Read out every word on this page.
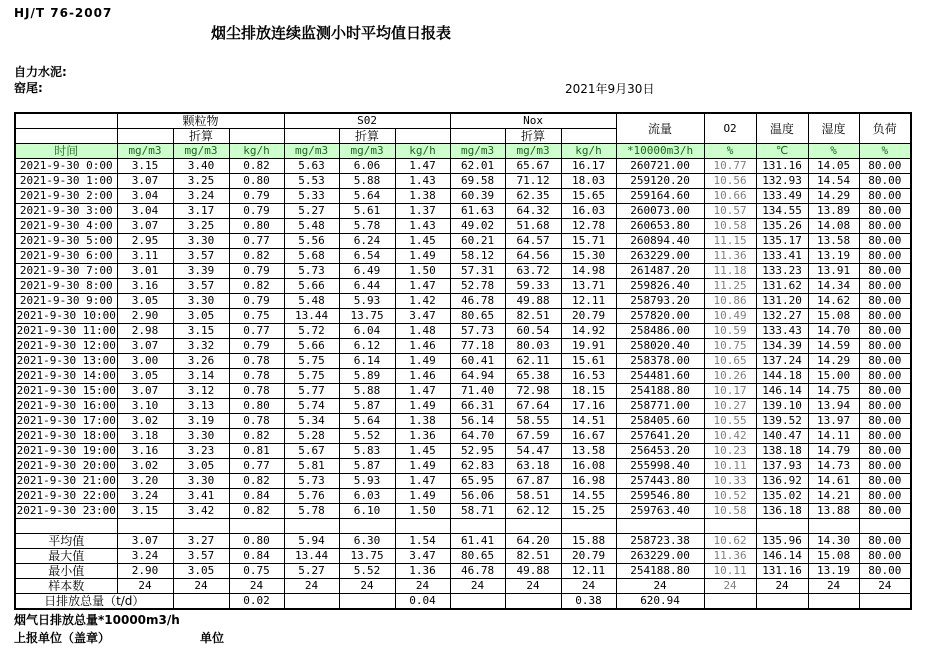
HJ/T 76-2007
烟尘排放连续监测小时平均值日报表
自力水泥:
窑尾:	2021年9月30日
	颗粒物			S02			Nox			流量	O2	温度	湿度	负荷
		折算			折算			折算						
时间	mg/m3	mg/m3	kg/h	mg/m3	mg/m3	kg/h	mg/m3	mg/m3	kg/h	*10000m3/h	%	℃	%	%
2021-9-30 0:00	3.15	3.40	0.82	5.63	6.06	1.47	62.01	65.67	16.17	260721.00	10.77	131.16	14.05	80.00
2021-9-30 1:00	3.07	3.25	0.80	5.53	5.88	1.43	69.58	71.12	18.03	259120.20	10.56	132.93	14.54	80.00
2021-9-30 2:00	3.04	3.24	0.79	5.33	5.64	1.38	60.39	62.35	15.65	259164.60	10.66	133.49	14.29	80.00
2021-9-30 3:00	3.04	3.17	0.79	5.27	5.61	1.37	61.63	64.32	16.03	260073.00	10.57	134.55	13.89	80.00
2021-9-30 4:00	3.07	3.25	0.80	5.48	5.78	1.43	49.02	51.68	12.78	260653.80	10.58	135.26	14.08	80.00
2021-9-30 5:00	2.95	3.30	0.77	5.56	6.24	1.45	60.21	64.57	15.71	260894.40	11.15	135.17	13.58	80.00
2021-9-30 6:00	3.11	3.57	0.82	5.68	6.54	1.49	58.12	64.56	15.30	263229.00	11.36	133.41	13.19	80.00
2021-9-30 7:00	3.01	3.39	0.79	5.73	6.49	1.50	57.31	63.72	14.98	261487.20	11.18	133.23	13.91	80.00
2021-9-30 8:00	3.16	3.57	0.82	5.66	6.44	1.47	52.78	59.33	13.71	259826.40	11.25	131.62	14.34	80.00
2021-9-30 9:00	3.05	3.30	0.79	5.48	5.93	1.42	46.78	49.88	12.11	258793.20	10.86	131.20	14.62	80.00
2021-9-30 10:00	2.90	3.05	0.75	13.44	13.75	3.47	80.65	82.51	20.79	257820.00	10.49	132.27	15.08	80.00
2021-9-30 11:00	2.98	3.15	0.77	5.72	6.04	1.48	57.73	60.54	14.92	258486.00	10.59	133.43	14.70	80.00
2021-9-30 12:00	3.07	3.32	0.79	5.66	6.12	1.46	77.18	80.03	19.91	258020.40	10.75	134.39	14.59	80.00
2021-9-30 13:00	3.00	3.26	0.78	5.75	6.14	1.49	60.41	62.11	15.61	258378.00	10.65	137.24	14.29	80.00
2021-9-30 14:00	3.05	3.14	0.78	5.75	5.89	1.46	64.94	65.38	16.53	254481.60	10.26	144.18	15.00	80.00
2021-9-30 15:00	3.07	3.12	0.78	5.77	5.88	1.47	71.40	72.98	18.15	254188.80	10.17	146.14	14.75	80.00
2021-9-30 16:00	3.10	3.13	0.80	5.74	5.87	1.49	66.31	67.64	17.16	258771.00	10.27	139.10	13.94	80.00
2021-9-30 17:00	3.02	3.19	0.78	5.34	5.64	1.38	56.14	58.55	14.51	258405.60	10.55	139.52	13.97	80.00
2021-9-30 18:00	3.18	3.30	0.82	5.28	5.52	1.36	64.70	67.59	16.67	257641.20	10.42	140.47	14.11	80.00
2021-9-30 19:00	3.16	3.23	0.81	5.67	5.83	1.45	52.95	54.47	13.58	256453.20	10.23	138.18	14.79	80.00
2021-9-30 20:00	3.02	3.05	0.77	5.81	5.87	1.49	62.83	63.18	16.08	255998.40	10.11	137.93	14.73	80.00
2021-9-30 21:00	3.20	3.30	0.82	5.73	5.93	1.47	65.95	67.87	16.98	257443.80	10.33	136.92	14.61	80.00
2021-9-30 22:00	3.24	3.41	0.84	5.76	6.03	1.49	56.06	58.51	14.55	259546.80	10.52	135.02	14.21	80.00
2021-9-30 23:00	3.15	3.42	0.82	5.78	6.10	1.50	58.71	62.12	15.25	259763.40	10.58	136.18	13.88	80.00

平均值	3.07	3.27	0.80	5.94	6.30	1.54	61.41	64.20	15.88	258723.38	10.62	135.96	14.30	80.00
最大值	3.24	3.57	0.84	13.44	13.75	3.47	80.65	82.51	20.79	263229.00	11.36	146.14	15.08	80.00
最小值	2.90	3.05	0.75	5.27	5.52	1.36	46.78	49.88	12.11	254188.80	10.11	131.16	13.19	80.00
样本数	24	24	24	24	24	24	24	24	24	24	24	24	24	24
日排放总量（t/d）			0.02			0.04			0.38	620.94				
烟气日排放总量*10000m3/h
上报单位（盖章）	单位
